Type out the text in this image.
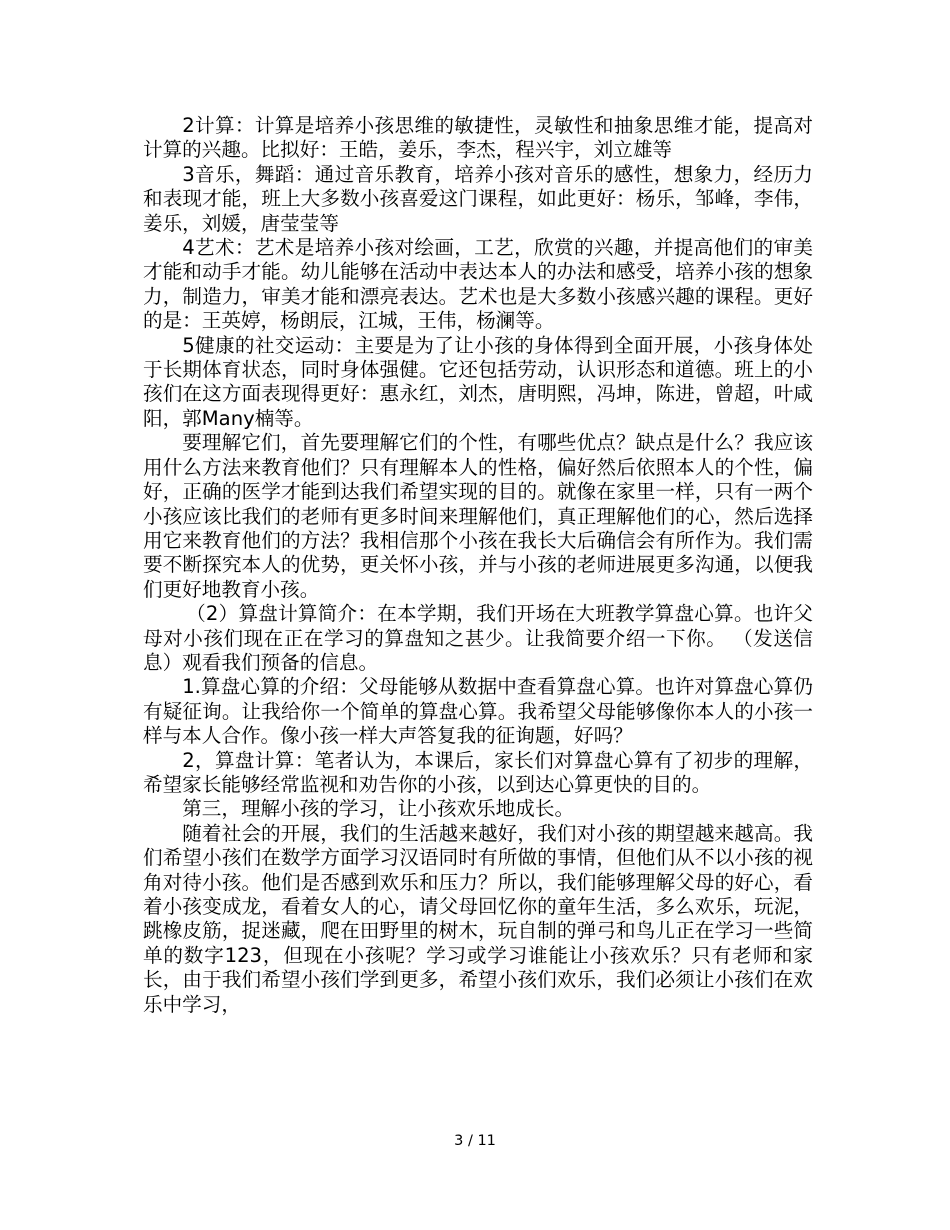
2计算：计算是培养小孩思维的敏捷性，灵敏性和抽象思维才能，提高对计算的兴趣。比拟好：王皓，姜乐，李杰，程兴宇，刘立雄等

3音乐，舞蹈：通过音乐教育，培养小孩对音乐的感性，想象力，经历力和表现才能，班上大多数小孩喜爱这门课程，如此更好：杨乐，邹峰，李伟，姜乐，刘媛，唐莹莹等

4艺术：艺术是培养小孩对绘画，工艺，欣赏的兴趣，并提高他们的审美才能和动手才能。幼儿能够在活动中表达本人的办法和感受，培养小孩的想象力，制造力，审美才能和漂亮表达。艺术也是大多数小孩感兴趣的课程。更好的是：王英婷，杨朗辰，江城，王伟，杨澜等。

5健康的社交运动：主要是为了让小孩的身体得到全面开展，小孩身体处于长期体育状态，同时身体强健。它还包括劳动，认识形态和道德。班上的小孩们在这方面表现得更好：惠永红，刘杰，唐明熙，冯坤，陈进，曾超，叶咸阳，郭Many楠等。

要理解它们，首先要理解它们的个性，有哪些优点？缺点是什么？我应该用什么方法来教育他们？只有理解本人的性格，偏好然后依照本人的个性，偏好，正确的医学才能到达我们希望实现的目的。就像在家里一样，只有一两个小孩应该比我们的老师有更多时间来理解他们，真正理解他们的心，然后选择用它来教育他们的方法？我相信那个小孩在我长大后确信会有所作为。我们需要不断探究本人的优势，更关怀小孩，并与小孩的老师进展更多沟通，以便我们更好地教育小孩。

（2）算盘计算简介：在本学期，我们开场在大班教学算盘心算。也许父母对小孩们现在正在学习的算盘知之甚少。让我简要介绍一下你。 （发送信息）观看我们预备的信息。

1.算盘心算的介绍：父母能够从数据中查看算盘心算。也许对算盘心算仍有疑征询。让我给你一个简单的算盘心算。我希望父母能够像你本人的小孩一样与本人合作。像小孩一样大声答复我的征询题，好吗？

2，算盘计算：笔者认为，本课后，家长们对算盘心算有了初步的理解，希望家长能够经常监视和劝告你的小孩，以到达心算更快的目的。

第三，理解小孩的学习，让小孩欢乐地成长。

随着社会的开展，我们的生活越来越好，我们对小孩的期望越来越高。我们希望小孩们在数学方面学习汉语同时有所做的事情，但他们从不以小孩的视角对待小孩。他们是否感到欢乐和压力？所以，我们能够理解父母的好心，看着小孩变成龙，看着女人的心，请父母回忆你的童年生活，多么欢乐，玩泥，跳橡皮筋，捉迷藏，爬在田野里的树木，玩自制的弹弓和鸟儿正在学习一些简单的数字123，但现在小孩呢？学习或学习谁能让小孩欢乐？只有老师和家长，由于我们希望小孩们学到更多，希望小孩们欢乐，我们必须让小孩们在欢乐中学习，

3 / 11
